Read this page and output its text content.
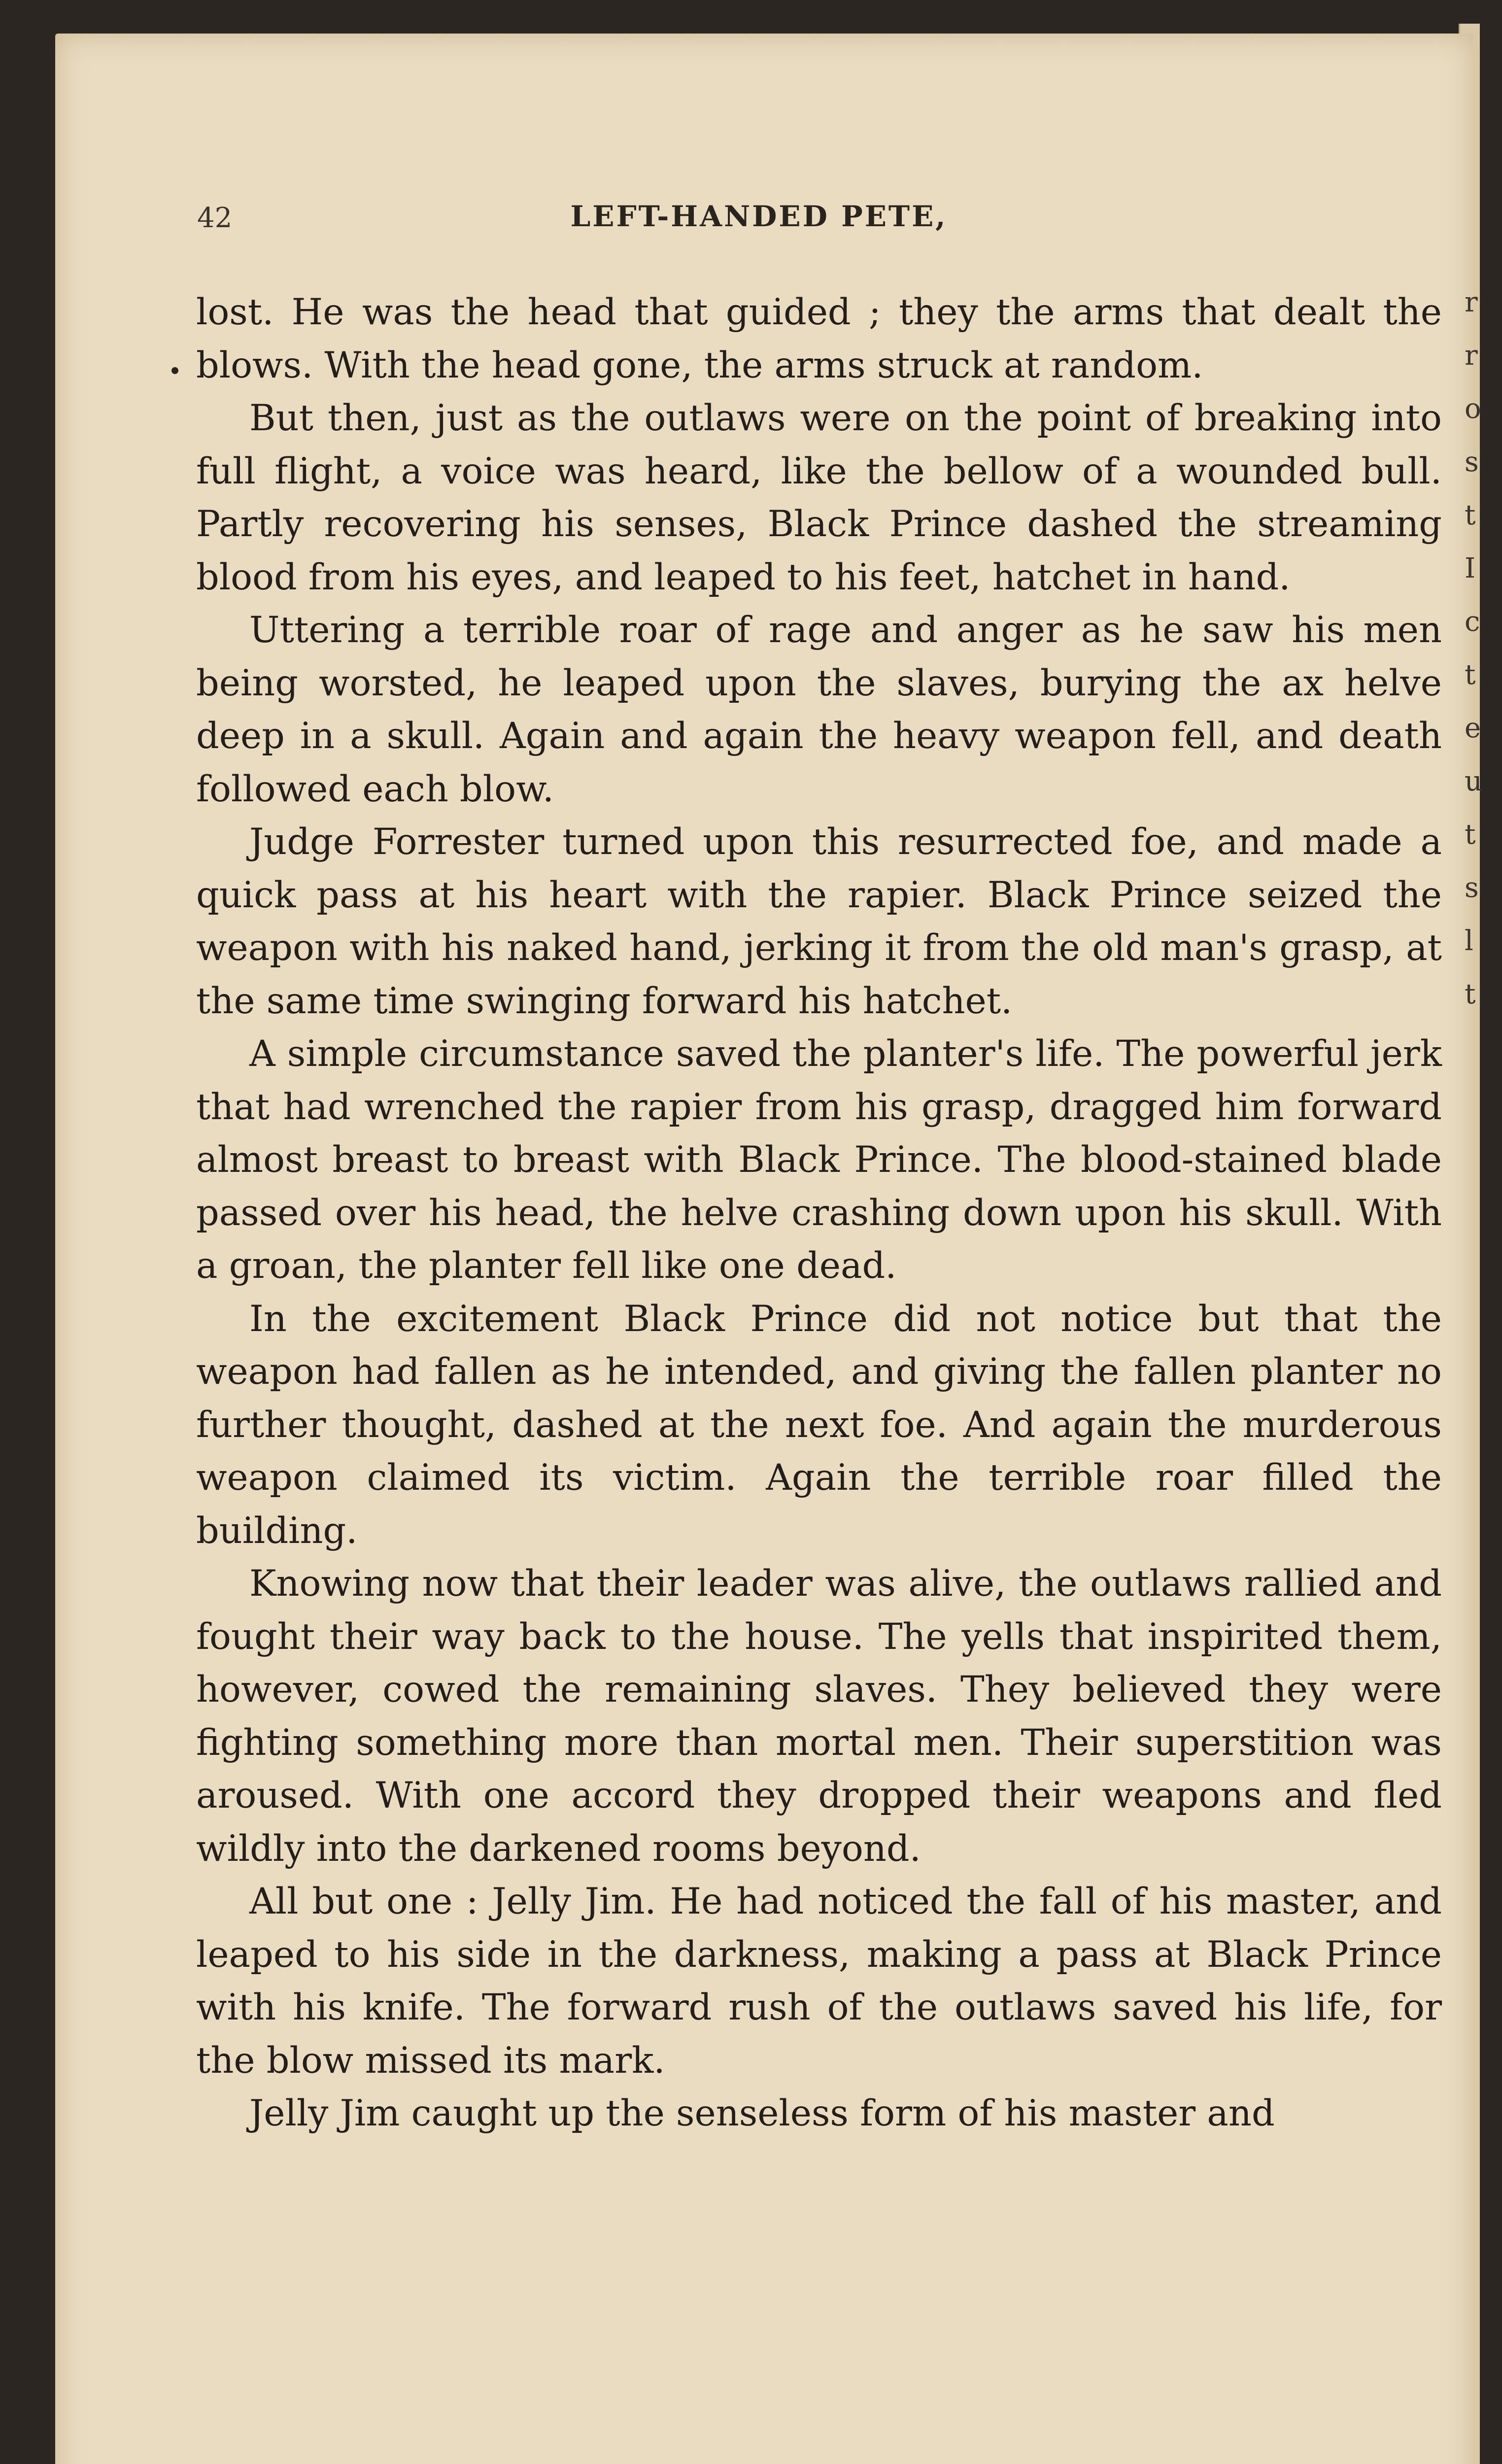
r
r
o
s
t
I
c
t
e
u
t
s
l
t
42	LEFT-HANDED PETE,

lost. He was the head that guided ; they the arms that dealt the blows. With the head gone, the arms struck at random.

But then, just as the outlaws were on the point of breaking into full flight, a voice was heard, like the bellow of a wounded bull. Partly recovering his senses, Black Prince dashed the streaming blood from his eyes, and leaped to his feet, hatchet in hand.

Uttering a terrible roar of rage and anger as he saw his men being worsted, he leaped upon the slaves, burying the ax helve deep in a skull. Again and again the heavy weapon fell, and death followed each blow.

Judge Forrester turned upon this resurrected foe, and made a quick pass at his heart with the rapier. Black Prince seized the weapon with his naked hand, jerking it from the old man's grasp, at the same time swinging forward his hatchet.

A simple circumstance saved the planter's life. The powerful jerk that had wrenched the rapier from his grasp, dragged him forward almost breast to breast with Black Prince. The blood-stained blade passed over his head, the helve crashing down upon his skull. With a groan, the planter fell like one dead.

In the excitement Black Prince did not notice but that the weapon had fallen as he intended, and giving the fallen planter no further thought, dashed at the next foe. And again the murderous weapon claimed its victim. Again the terrible roar filled the building.

Knowing now that their leader was alive, the outlaws rallied and fought their way back to the house. The yells that inspirited them, however, cowed the remaining slaves. They believed they were fighting something more than mortal men. Their superstition was aroused. With one accord they dropped their weapons and fled wildly into the darkened rooms beyond.

All but one : Jelly Jim. He had noticed the fall of his master, and leaped to his side in the darkness, making a pass at Black Prince with his knife. The forward rush of the outlaws saved his life, for the blow missed its mark.

Jelly Jim caught up the senseless form of his master and
